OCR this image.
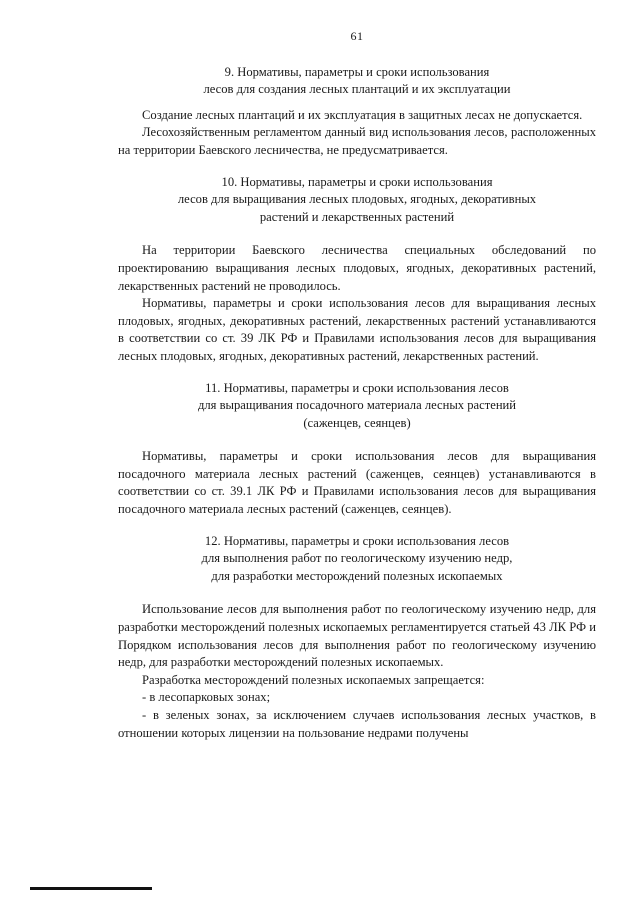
61

9. Нормативы, параметры и сроки использования

лесов для создания лесных плантаций и их эксплуатации

Создание лесных плантаций и их эксплуатация в защитных лесах не допускается.

Лесохозяйственным регламентом данный вид использования лесов, расположенных на территории Баевского лесничества, не предусматривается.

10. Нормативы, параметры и сроки использования

лесов для выращивания лесных плодовых, ягодных, декоративных

растений и лекарственных растений

На территории Баевского лесничества специальных обследований по проектированию выращивания лесных плодовых, ягодных, декоративных растений, лекарственных растений не проводилось.

Нормативы, параметры и сроки использования лесов для выращивания лесных плодовых, ягодных, декоративных растений, лекарственных растений устанавливаются в соответствии со ст. 39 ЛК РФ и Правилами использования лесов для выращивания лесных плодовых, ягодных, декоративных растений, лекарственных растений.

11. Нормативы, параметры и сроки использования лесов

для выращивания посадочного материала лесных растений

(саженцев, сеянцев)

Нормативы, параметры и сроки использования лесов для выращивания посадочного материала лесных растений (саженцев, сеянцев) устанавливаются в соответствии со ст. 39.1 ЛК РФ и Правилами использования лесов для выращивания посадочного материала лесных растений (саженцев, сеянцев).

12. Нормативы, параметры и сроки использования лесов

для выполнения работ по геологическому изучению недр,

для разработки месторождений полезных ископаемых

Использование лесов для выполнения работ по геологическому изучению недр, для разработки месторождений полезных ископаемых регламентируется статьей 43 ЛК РФ и Порядком использования лесов для выполнения работ по геологическому изучению недр, для разработки месторождений полезных ископаемых.

Разработка месторождений полезных ископаемых запрещается:

- в лесопарковых зонах;

- в зеленых зонах, за исключением случаев использования лесных участков, в отношении которых лицензии на пользование недрами получены
